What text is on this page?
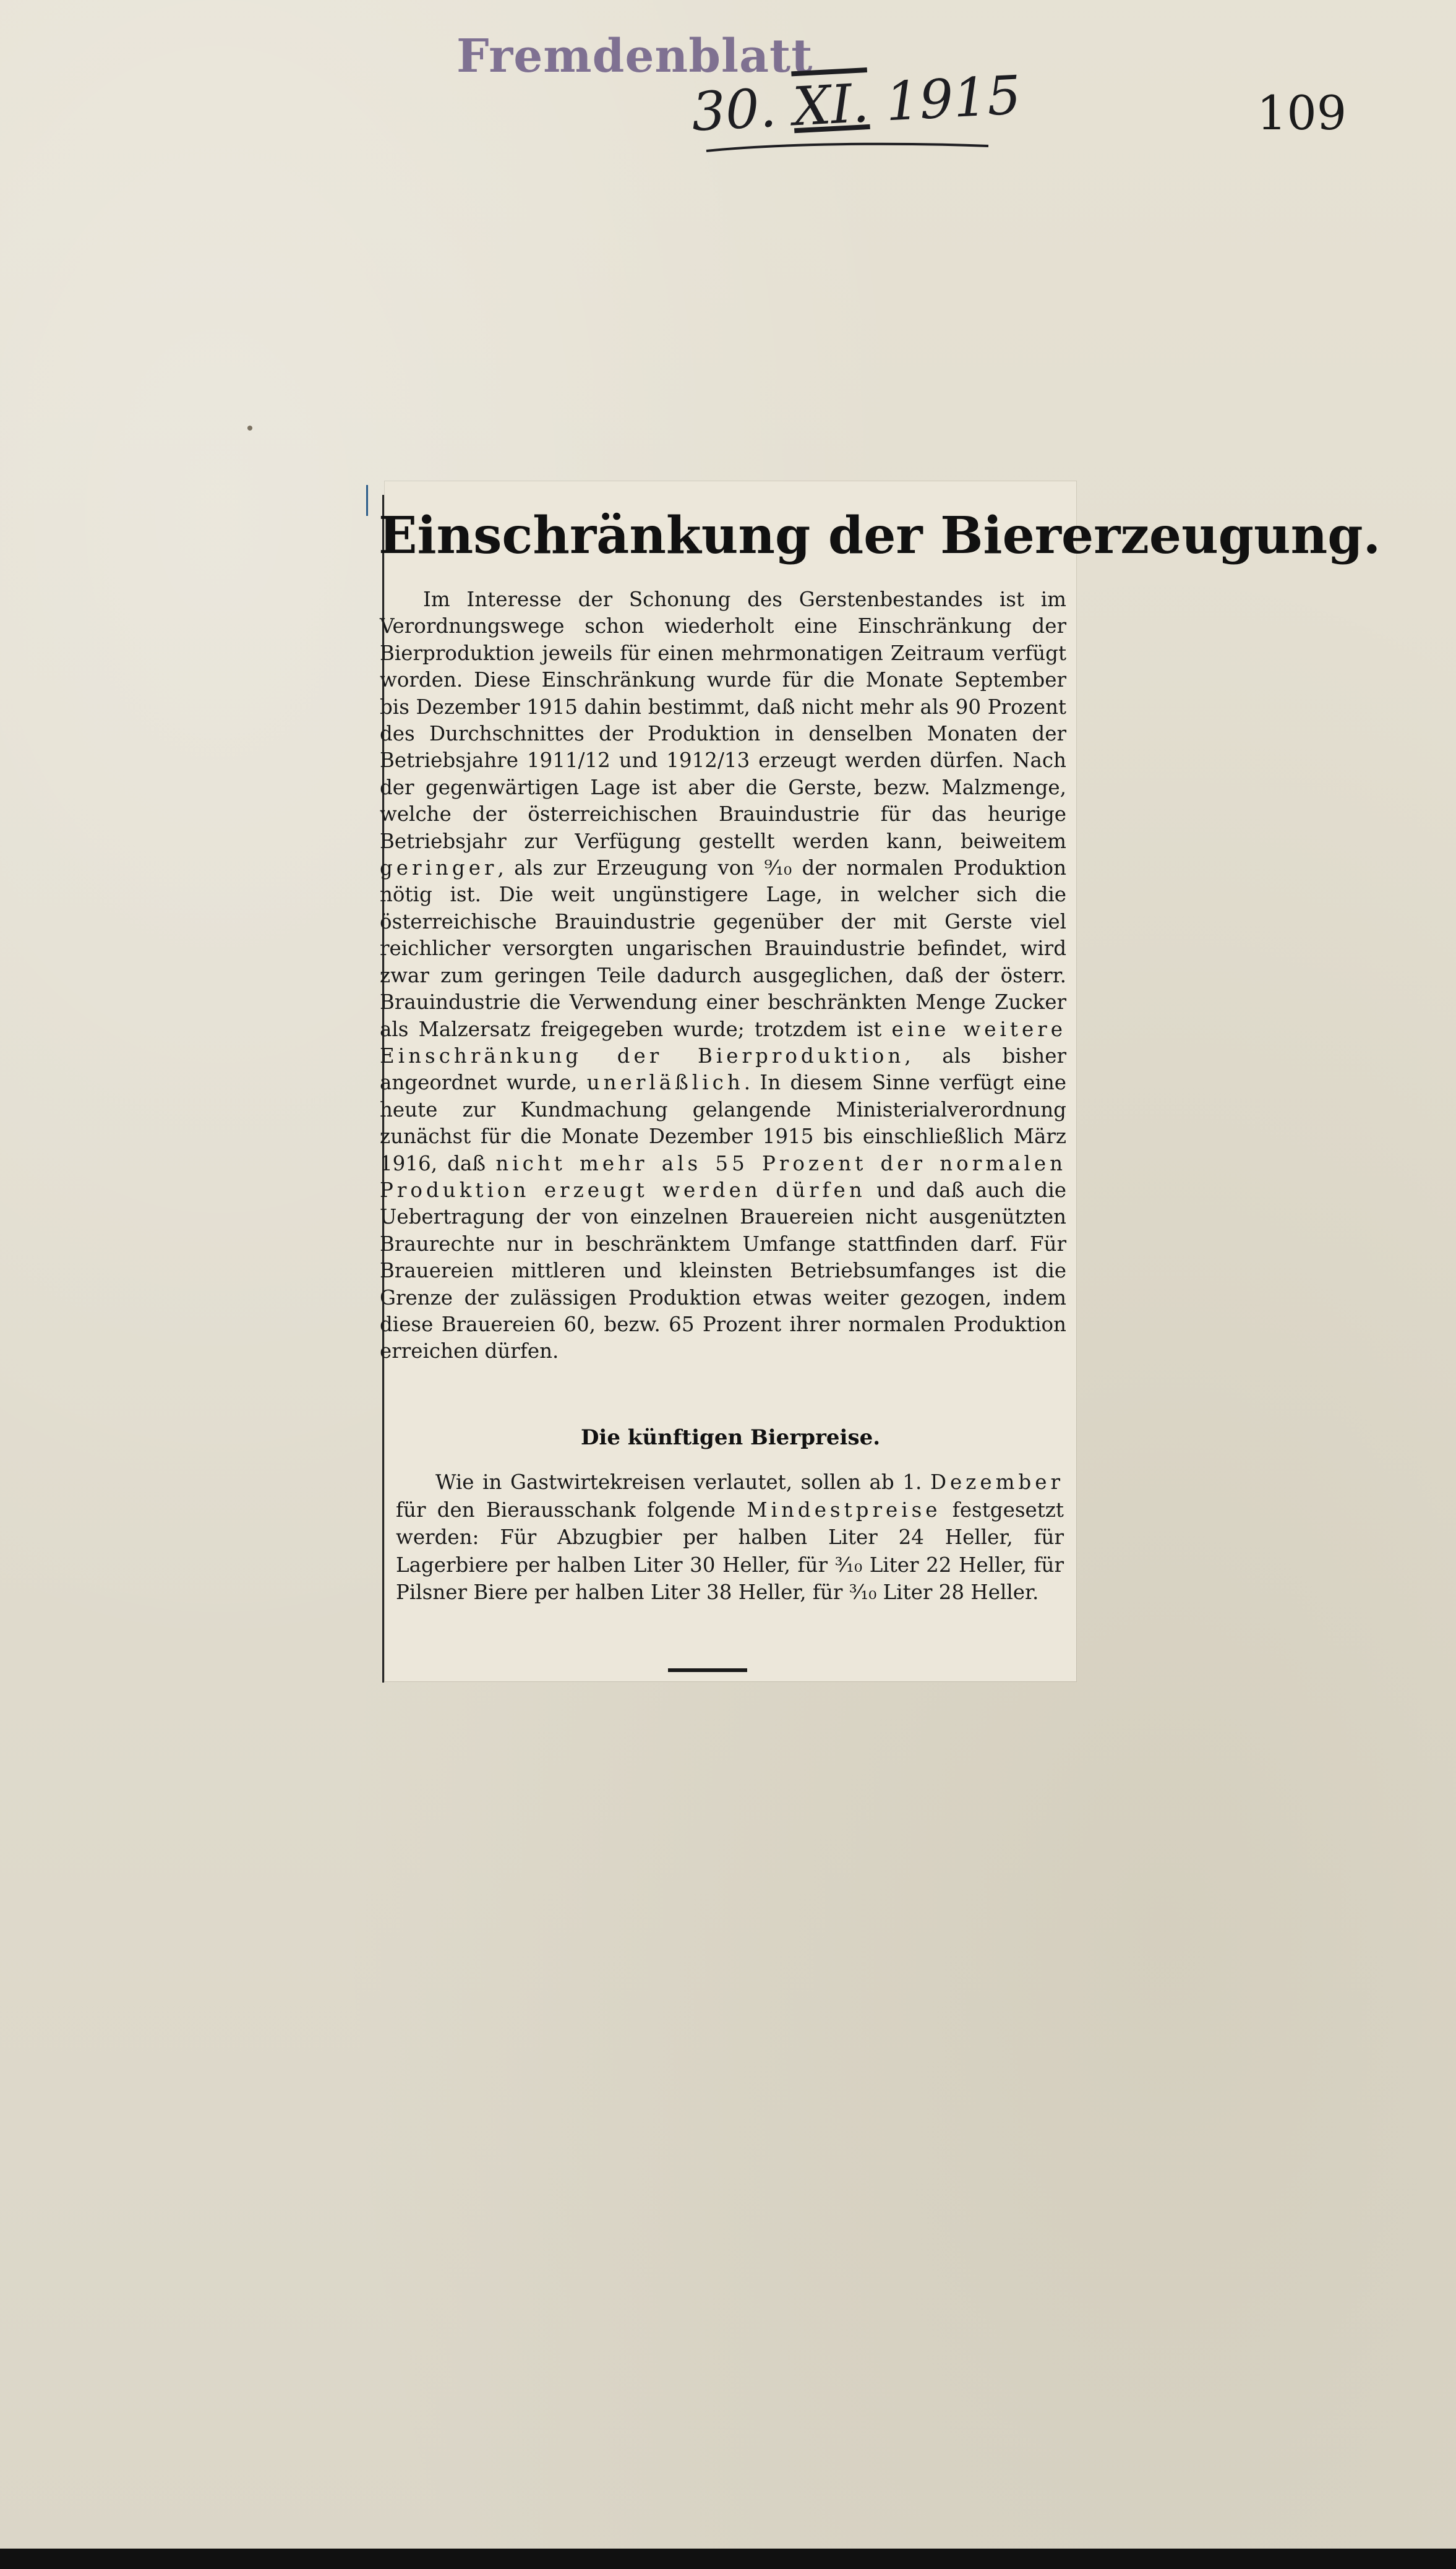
Fremdenblatt
30. XI. 1915	109
Einschränkung der Biererzeugung.

Im Interesse der Schonung des Gerstenbestandes ist im Verordnungswege schon wiederholt eine Einschränkung der Bierproduktion jeweils für einen mehrmonatigen Zeitraum verfügt worden. Diese Einschränkung wurde für die Monate September bis Dezember 1915 dahin bestimmt, daß nicht mehr als 90 Prozent des Durchschnittes der Produktion in denselben Monaten der Betriebsjahre 1911/12 und 1912/13 erzeugt werden dürfen. Nach der gegenwärtigen Lage ist aber die Gerste, bezw. Malzmenge, welche der österreichischen Brauindustrie für das heurige Betriebsjahr zur Verfügung gestellt werden kann, beiweitem geringer, als zur Erzeugung von ⁹⁄₁₀ der normalen Produktion nötig ist. Die weit ungünstigere Lage, in welcher sich die österreichische Brauindustrie gegenüber der mit Gerste viel reichlicher versorgten ungarischen Brauindustrie befindet, wird zwar zum geringen Teile dadurch ausgeglichen, daß der österr. Brauindustrie die Verwendung einer beschränkten Menge Zucker als Malzersatz freigegeben wurde; trotzdem ist eine weitere Einschränkung der Bierproduktion, als bisher angeordnet wurde, unerläßlich. In diesem Sinne verfügt eine heute zur Kundmachung gelangende Ministerialverordnung zunächst für die Monate Dezember 1915 bis einschließlich März 1916, daß nicht mehr als 55 Prozent der normalen Produktion erzeugt werden dürfen und daß auch die Uebertragung der von einzelnen Brauereien nicht ausgenützten Braurechte nur in beschränktem Umfange stattfinden darf. Für Brauereien mittleren und kleinsten Betriebsumfanges ist die Grenze der zulässigen Produktion etwas weiter gezogen, indem diese Brauereien 60, bezw. 65 Prozent ihrer normalen Produktion erreichen dürfen.

Die künftigen Bierpreise.

Wie in Gastwirtekreisen verlautet, sollen ab 1. Dezember für den Bierausschank folgende Mindestpreise festgesetzt werden: Für Abzugbier per halben Liter 24 Heller, für Lagerbiere per halben Liter 30 Heller, für ³⁄₁₀ Liter 22 Heller, für Pilsner Biere per halben Liter 38 Heller, für ³⁄₁₀ Liter 28 Heller.
